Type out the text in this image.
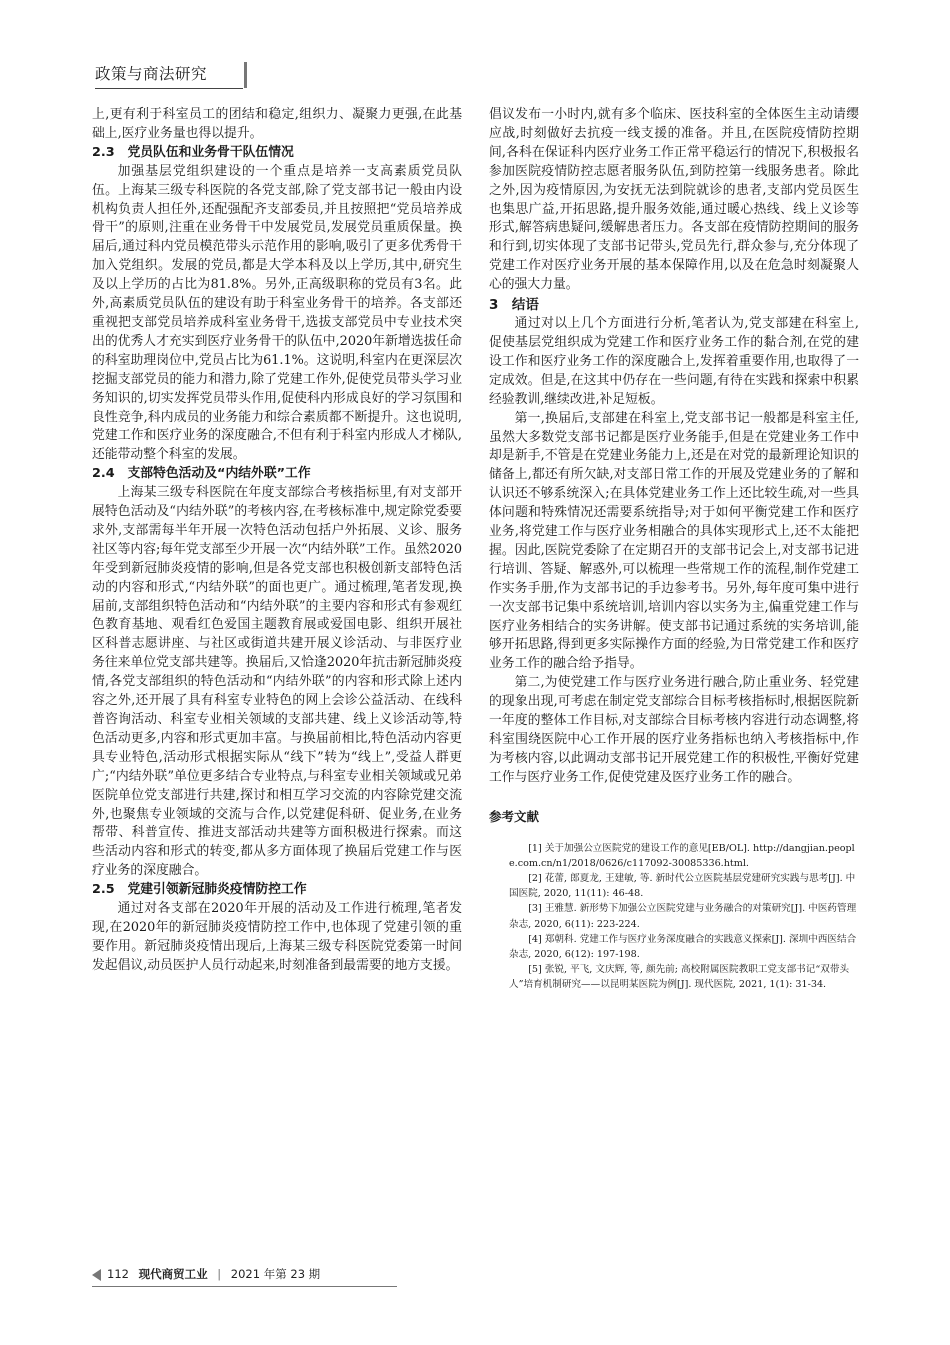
政策与商法研究

上,更有利于科室员工的团结和稳定,组织力、凝聚力更强,在此基础上,医疗业务量也得以提升。

2.3　党员队伍和业务骨干队伍情况

加强基层党组织建设的一个重点是培养一支高素质党员队伍。上海某三级专科医院的各党支部,除了党支部书记一般由内设机构负责人担任外,还配强配齐支部委员,并且按照把“党员培养成骨干”的原则,注重在业务骨干中发展党员,发展党员重质保量。换届后,通过科内党员模范带头示范作用的影响,吸引了更多优秀骨干加入党组织。发展的党员,都是大学本科及以上学历,其中,研究生及以上学历的占比为81.8%。另外,正高级职称的党员有3名。此外,高素质党员队伍的建设有助于科室业务骨干的培养。各支部还重视把支部党员培养成科室业务骨干,选拔支部党员中专业技术突出的优秀人才充实到医疗业务骨干的队伍中,2020年新增选拔任命的科室助理岗位中,党员占比为61.1%。这说明,科室内在更深层次挖掘支部党员的能力和潜力,除了党建工作外,促使党员带头学习业务知识的,切实发挥党员带头作用,促使科内形成良好的学习氛围和良性竞争,科内成员的业务能力和综合素质都不断提升。这也说明,党建工作和医疗业务的深度融合,不但有利于科室内形成人才梯队,还能带动整个科室的发展。

2.4　支部特色活动及“内结外联”工作

上海某三级专科医院在年度支部综合考核指标里,有对支部开展特色活动及“内结外联”的考核内容,在考核标准中,规定除党委要求外,支部需每半年开展一次特色活动包括户外拓展、义诊、服务社区等内容;每年党支部至少开展一次“内结外联”工作。虽然2020年受到新冠肺炎疫情的影响,但是各党支部也积极创新支部特色活动的内容和形式,“内结外联”的面也更广。通过梳理,笔者发现,换届前,支部组织特色活动和“内结外联”的主要内容和形式有参观红色教育基地、观看红色爱国主题教育展或爱国电影、组织开展社区科普志愿讲座、与社区或街道共建开展义诊活动、与非医疗业务往来单位党支部共建等。换届后,又恰逢2020年抗击新冠肺炎疫情,各党支部组织的特色活动和“内结外联”的内容和形式除上述内容之外,还开展了具有科室专业特色的网上会诊公益活动、在线科普咨询活动、科室专业相关领域的支部共建、线上义诊活动等,特色活动更多,内容和形式更加丰富。与换届前相比,特色活动内容更具专业特色,活动形式根据实际从“线下”转为“线上”,受益人群更广;“内结外联”单位更多结合专业特点,与科室专业相关领域或兄弟医院单位党支部进行共建,探讨和相互学习交流的内容除党建交流外,也聚焦专业领域的交流与合作,以党建促科研、促业务,在业务帮带、科普宣传、推进支部活动共建等方面积极进行探索。而这些活动内容和形式的转变,都从多方面体现了换届后党建工作与医疗业务的深度融合。

2.5　党建引领新冠肺炎疫情防控工作

通过对各支部在2020年开展的活动及工作进行梳理,笔者发现,在2020年的新冠肺炎疫情防控工作中,也体现了党建引领的重要作用。新冠肺炎疫情出现后,上海某三级专科医院党委第一时间发起倡议,动员医护人员行动起来,时刻准备到最需要的地方支援。

倡议发布一小时内,就有多个临床、医技科室的全体医生主动请缨应战,时刻做好去抗疫一线支援的准备。并且,在医院疫情防控期间,各科在保证科内医疗业务工作正常平稳运行的情况下,积极报名参加医院疫情防控志愿者服务队伍,到防控第一线服务患者。除此之外,因为疫情原因,为安抚无法到院就诊的患者,支部内党员医生也集思广益,开拓思路,提升服务效能,通过暖心热线、线上义诊等形式,解答病患疑问,缓解患者压力。各支部在疫情防控期间的服务和行到,切实体现了支部书记带头,党员先行,群众参与,充分体现了党建工作对医疗业务开展的基本保障作用,以及在危急时刻凝聚人心的强大力量。

3　结语

通过对以上几个方面进行分析,笔者认为,党支部建在科室上,促使基层党组织成为党建工作和医疗业务工作的黏合剂,在党的建设工作和医疗业务工作的深度融合上,发挥着重要作用,也取得了一定成效。但是,在这其中仍存在一些问题,有待在实践和探索中积累经验教训,继续改进,补足短板。

第一,换届后,支部建在科室上,党支部书记一般都是科室主任,虽然大多数党支部书记都是医疗业务能手,但是在党建业务工作中却是新手,不管是在党建业务能力上,还是在对党的最新理论知识的储备上,都还有所欠缺,对支部日常工作的开展及党建业务的了解和认识还不够系统深入;在具体党建业务工作上还比较生疏,对一些具体问题和特殊情况还需要系统指导;对于如何平衡党建工作和医疗业务,将党建工作与医疗业务相融合的具体实现形式上,还不太能把握。因此,医院党委除了在定期召开的支部书记会上,对支部书记进行培训、答疑、解惑外,可以梳理一些常规工作的流程,制作党建工作实务手册,作为支部书记的手边参考书。另外,每年度可集中进行一次支部书记集中系统培训,培训内容以实务为主,偏重党建工作与医疗业务相结合的实务讲解。使支部书记通过系统的实务培训,能够开拓思路,得到更多实际操作方面的经验,为日常党建工作和医疗业务工作的融合给予指导。

第二,为使党建工作与医疗业务进行融合,防止重业务、轻党建的现象出现,可考虑在制定党支部综合目标考核指标时,根据医院新一年度的整体工作目标,对支部综合目标考核内容进行动态调整,将科室围绕医院中心工作开展的医疗业务指标也纳入考核指标中,作为考核内容,以此调动支部书记开展党建工作的积极性,平衡好党建工作与医疗业务工作,促使党建及医疗业务工作的融合。

参考文献

[1] 关于加强公立医院党的建设工作的意见[EB/OL]. http://dangjian.people.com.cn/n1/2018/0626/c117092-30085336.html.

[2] 花蕾, 郎夏龙, 王建敏, 等. 新时代公立医院基层党建研究实践与思考[J]. 中国医院, 2020, 11(11): 46-48.

[3] 王雅慧. 新形势下加强公立医院党建与业务融合的对策研究[J]. 中医药管理杂志, 2020, 6(11): 223-224.

[4] 郑朝科. 党建工作与医疗业务深度融合的实践意义探索[J]. 深圳中西医结合杂志, 2020, 6(12): 197-198.

[5] 张锐, 平飞, 文庆辉, 等, 颜先前; 高校附属医院教职工党支部书记“双带头人”培育机制研究——以昆明某医院为例[J]. 现代医院, 2021, 1(1): 31-34.

112 现代商贸工业 | 2021 年第 23 期
